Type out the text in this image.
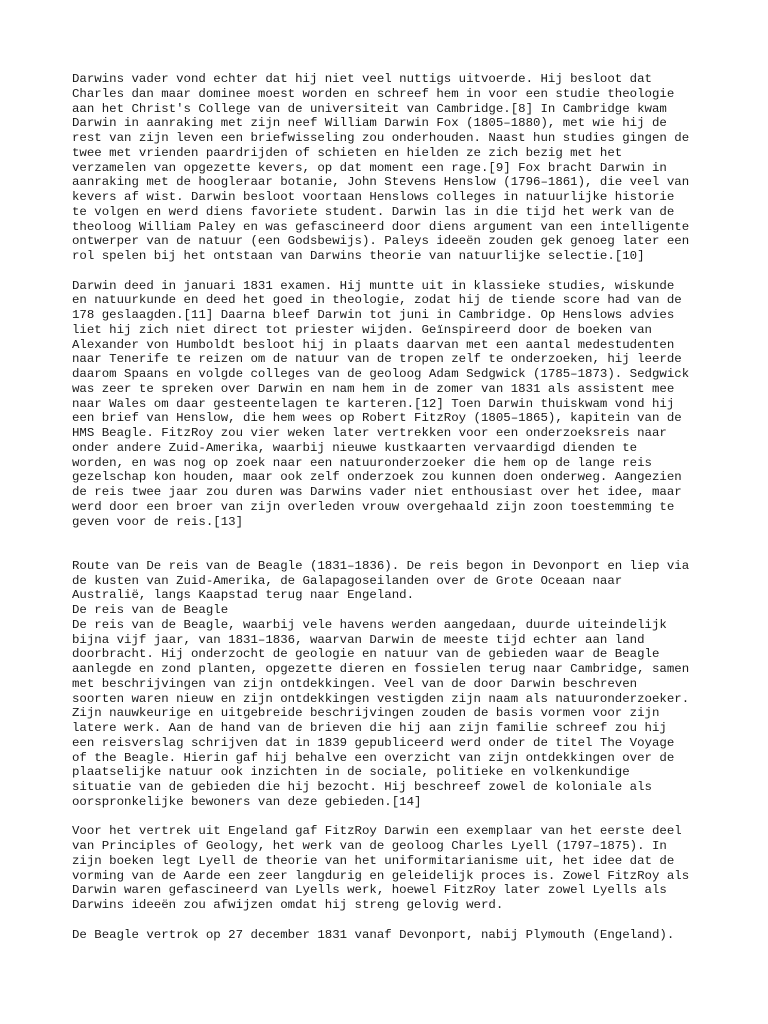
Darwins vader vond echter dat hij niet veel nuttigs uitvoerde. Hij besloot dat
Charles dan maar dominee moest worden en schreef hem in voor een studie theologie
aan het Christ's College van de universiteit van Cambridge.[8] In Cambridge kwam
Darwin in aanraking met zijn neef William Darwin Fox (1805–1880), met wie hij de
rest van zijn leven een briefwisseling zou onderhouden. Naast hun studies gingen de
twee met vrienden paardrijden of schieten en hielden ze zich bezig met het
verzamelen van opgezette kevers, op dat moment een rage.[9] Fox bracht Darwin in
aanraking met de hoogleraar botanie, John Stevens Henslow (1796–1861), die veel van
kevers af wist. Darwin besloot voortaan Henslows colleges in natuurlijke historie
te volgen en werd diens favoriete student. Darwin las in die tijd het werk van de
theoloog William Paley en was gefascineerd door diens argument van een intelligente
ontwerper van de natuur (een Godsbewijs). Paleys ideeën zouden gek genoeg later een
rol spelen bij het ontstaan van Darwins theorie van natuurlijke selectie.[10]

Darwin deed in januari 1831 examen. Hij muntte uit in klassieke studies, wiskunde
en natuurkunde en deed het goed in theologie, zodat hij de tiende score had van de
178 geslaagden.[11] Daarna bleef Darwin tot juni in Cambridge. Op Henslows advies
liet hij zich niet direct tot priester wijden. Geïnspireerd door de boeken van
Alexander von Humboldt besloot hij in plaats daarvan met een aantal medestudenten
naar Tenerife te reizen om de natuur van de tropen zelf te onderzoeken, hij leerde
daarom Spaans en volgde colleges van de geoloog Adam Sedgwick (1785–1873). Sedgwick
was zeer te spreken over Darwin en nam hem in de zomer van 1831 als assistent mee
naar Wales om daar gesteentelagen te karteren.[12] Toen Darwin thuiskwam vond hij
een brief van Henslow, die hem wees op Robert FitzRoy (1805–1865), kapitein van de
HMS Beagle. FitzRoy zou vier weken later vertrekken voor een onderzoeksreis naar
onder andere Zuid-Amerika, waarbij nieuwe kustkaarten vervaardigd dienden te
worden, en was nog op zoek naar een natuuronderzoeker die hem op de lange reis
gezelschap kon houden, maar ook zelf onderzoek zou kunnen doen onderweg. Aangezien
de reis twee jaar zou duren was Darwins vader niet enthousiast over het idee, maar
werd door een broer van zijn overleden vrouw overgehaald zijn zoon toestemming te
geven voor de reis.[13]

Route van De reis van de Beagle (1831–1836). De reis begon in Devonport en liep via
de kusten van Zuid-Amerika, de Galapagoseilanden over de Grote Oceaan naar
Australië, langs Kaapstad terug naar Engeland.
De reis van de Beagle
De reis van de Beagle, waarbij vele havens werden aangedaan, duurde uiteindelijk
bijna vijf jaar, van 1831–1836, waarvan Darwin de meeste tijd echter aan land
doorbracht. Hij onderzocht de geologie en natuur van de gebieden waar de Beagle
aanlegde en zond planten, opgezette dieren en fossielen terug naar Cambridge, samen
met beschrijvingen van zijn ontdekkingen. Veel van de door Darwin beschreven
soorten waren nieuw en zijn ontdekkingen vestigden zijn naam als natuuronderzoeker.
Zijn nauwkeurige en uitgebreide beschrijvingen zouden de basis vormen voor zijn
latere werk. Aan de hand van de brieven die hij aan zijn familie schreef zou hij
een reisverslag schrijven dat in 1839 gepubliceerd werd onder de titel The Voyage
of the Beagle. Hierin gaf hij behalve een overzicht van zijn ontdekkingen over de
plaatselijke natuur ook inzichten in de sociale, politieke en volkenkundige
situatie van de gebieden die hij bezocht. Hij beschreef zowel de koloniale als
oorspronkelijke bewoners van deze gebieden.[14]

Voor het vertrek uit Engeland gaf FitzRoy Darwin een exemplaar van het eerste deel
van Principles of Geology, het werk van de geoloog Charles Lyell (1797–1875). In
zijn boeken legt Lyell de theorie van het uniformitarianisme uit, het idee dat de
vorming van de Aarde een zeer langdurig en geleidelijk proces is. Zowel FitzRoy als
Darwin waren gefascineerd van Lyells werk, hoewel FitzRoy later zowel Lyells als
Darwins ideeën zou afwijzen omdat hij streng gelovig werd.

De Beagle vertrok op 27 december 1831 vanaf Devonport, nabij Plymouth (Engeland).
